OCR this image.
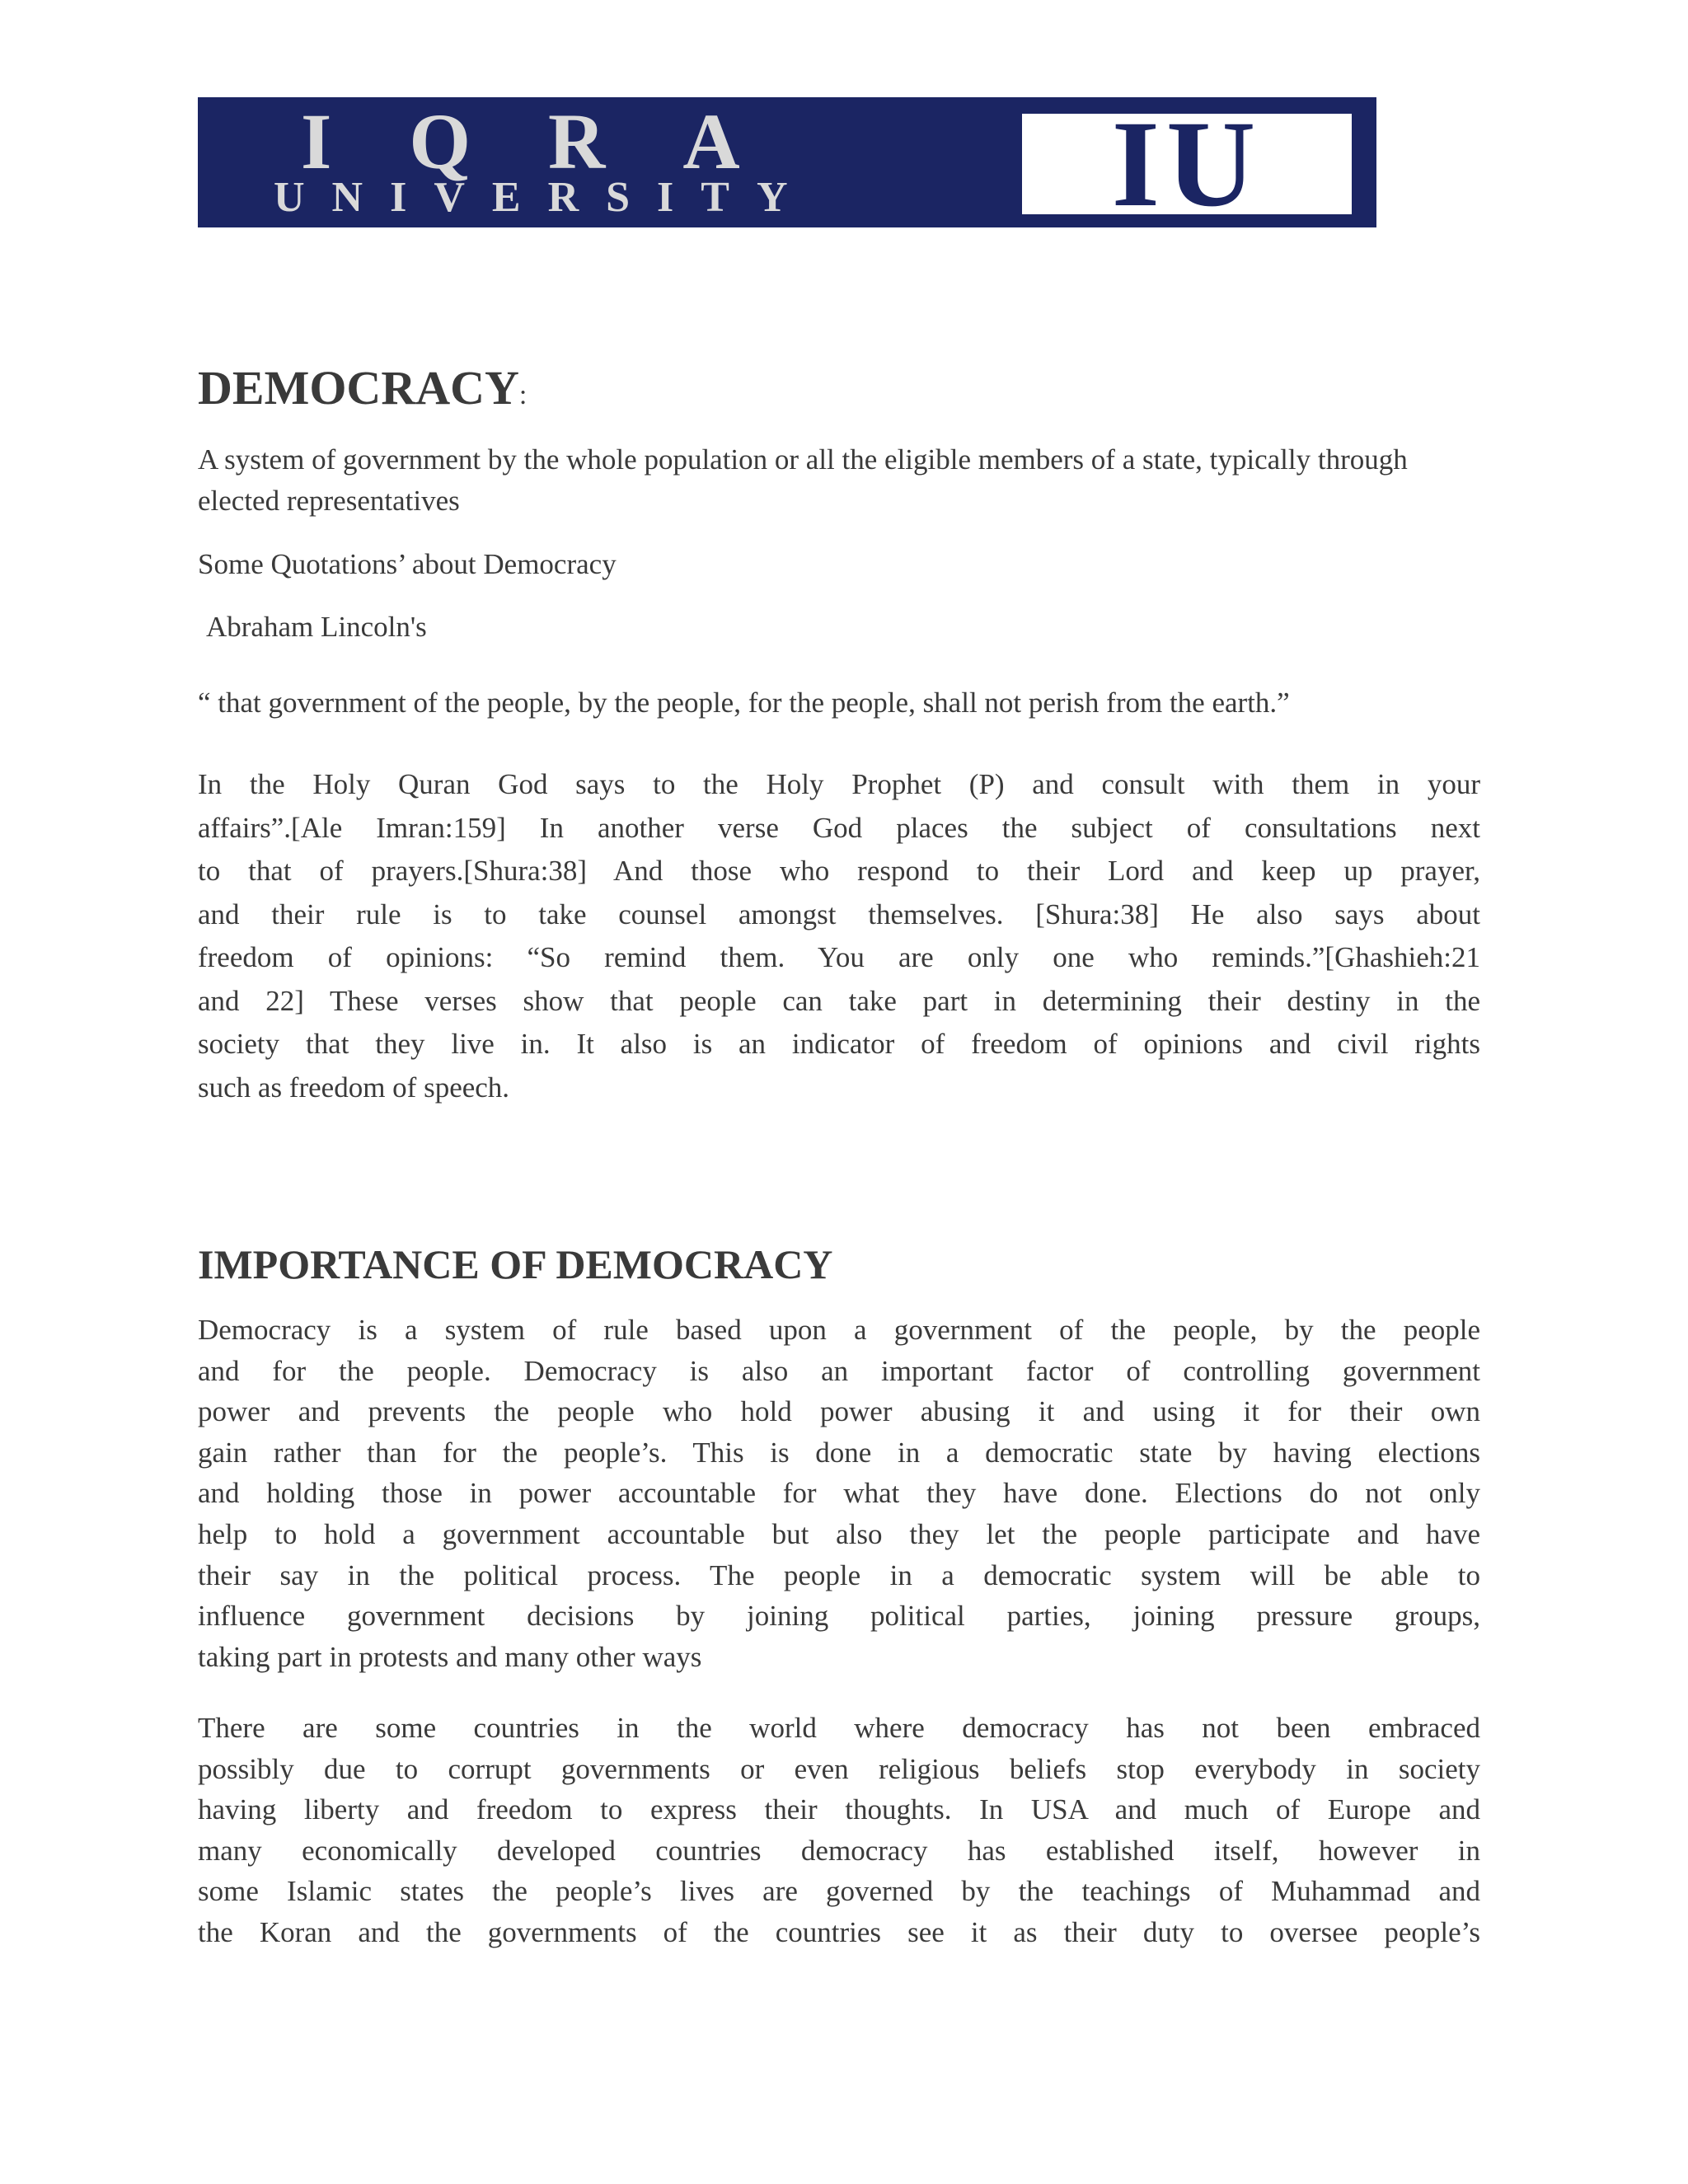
IQRA
UNIVERSITY	IU
DEMOCRACY:
A system of government by the whole population or all the eligible members of a state, typically through elected representatives
Some Quotations’ about Democracy
Abraham Lincoln's
“ that government of the people, by the people, for the people, shall not perish from the earth.”
In the Holy Quran God says to the Holy Prophet (P) and consult with them in your
affairs”.[Ale Imran:159] In another verse God places the subject of consultations next
to that of prayers.[Shura:38] And those who respond to their Lord and keep up prayer,
and their rule is to take counsel amongst themselves. [Shura:38] He also says about
freedom of opinions: “So remind them. You are only one who reminds.”[Ghashieh:21
and 22] These verses show that people can take part in determining their destiny in the
society that they live in. It also is an indicator of freedom of opinions and civil rights
such as freedom of speech.
IMPORTANCE OF DEMOCRACY
Democracy is a system of rule based upon a government of the people, by the people
and for the people. Democracy is also an important factor of controlling government
power and prevents the people who hold power abusing it and using it for their own
gain rather than for the people’s. This is done in a democratic state by having elections
and holding those in power accountable for what they have done. Elections do not only
help to hold a government accountable but also they let the people participate and have
their say in the political process. The people in a democratic system will be able to
influence government decisions by joining political parties, joining pressure groups,
taking part in protests and many other ways
There are some countries in the world where democracy has not been embraced
possibly due to corrupt governments or even religious beliefs stop everybody in society
having liberty and freedom to express their thoughts. In USA and much of Europe and
many economically developed countries democracy has established itself, however in
some Islamic states the people’s lives are governed by the teachings of Muhammad and
the Koran and the governments of the countries see it as their duty to oversee people’s
